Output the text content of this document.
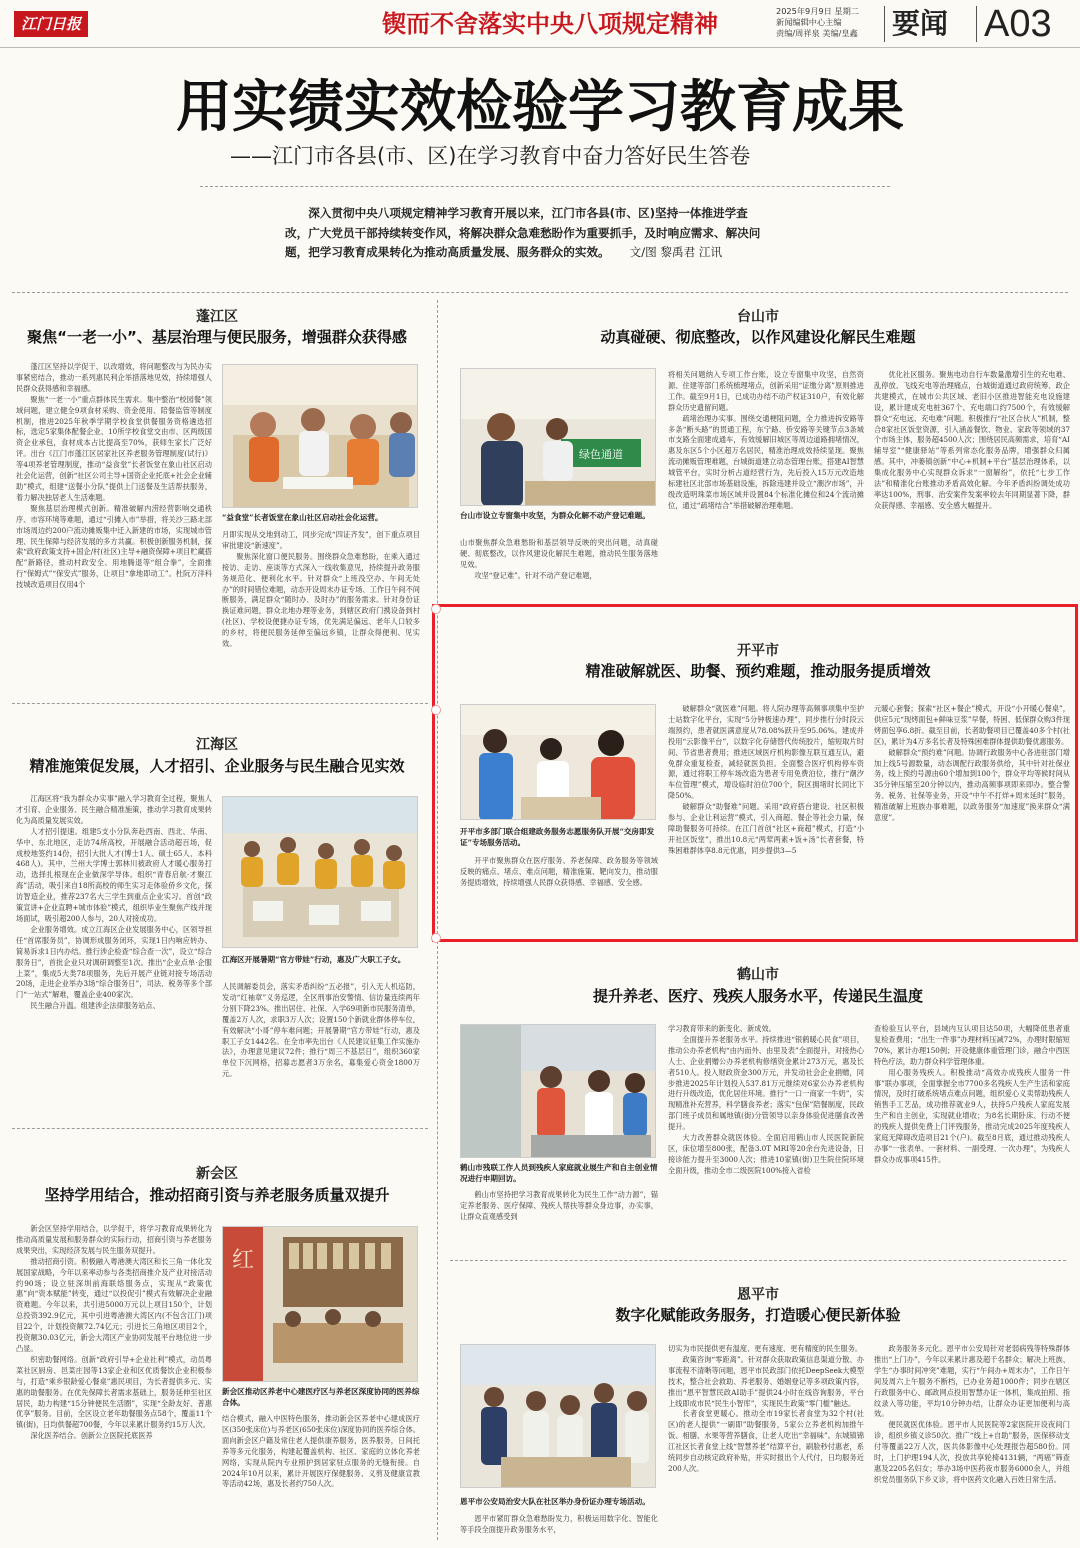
江门日报	锲而不舍落实中央八项规定精神	2025年9月9日 星期二
新闻编辑中心主编
责编/周祥泉 美编/皇鑫	要闻 A03
用实绩实效检验学习教育成果
——江门市各县(市、区)在学习教育中奋力答好民生答卷
深入贯彻中央八项规定精神学习教育开展以来，江门市各县(市、区)坚持一体推进学查
改，广大党员干部持续转变作风，将解决群众急难愁盼作为重要抓手，及时响应需求、解决问
题，把学习教育成果转化为推动高质量发展、服务群众的实效。 文/图 黎禹君 江讯
蓬江区
聚焦“一老一小”、基层治理与便民服务，增强群众获得感
蓬江区坚持以学促干、以改增效，将问题整改与为民办实事紧密结合，推动一系列惠民利企举措落地见效，持续增强人民群众获得感和幸福感。
聚焦“一老一小”重点群体民生需求。集中整治“校园餐”领域问题，建立健全9项食材采购、资金使用、陪餐监管等制度机制，推进2025年秋季学期学校食堂供餐服务资格遴选招标，选定5家集体配餐企业、10所学校食堂交由市、区两级国资企业承包，食材成本占比提高至70%，获师生家长广泛好评。出台《江门市蓬江区居家社区养老服务管理制度(试行)》等4项养老管理制度，推动“益食堂”长者饭堂在象山社区启动社会化运营，创新“社区公司主导+国资企业托底+社会企业辅助”模式，组建“送餐小分队”提供上门送餐及生活帮扶服务，着力解决独居老人生活难题。
聚焦基层治理模式创新。精准破解内涝经营影响交通秩序、市容环境等难题，通过“引摊入市”举措，将关沙三路北部市场周边约200户流动摊贩集中迁入新建的市场，实现城市管理、民生保障与经济发展的多方共赢。积极创新服务机制，探索“政府政策支持+国企/村(社区)主导+融资保障+项目贮藏搭配”新路径，推动村政安全、用地腾退等“组合拳”，全面推行“保姆式”“保安式”服务，让项目“拿地即动工”。杜阮万洋科技城改造项目仅用4个
“益食堂”长者饭堂在象山社区启动社会化运营。
月即实现从交地到动工，同步完成“四证齐发”，创下重点项目审批建设“新速度”。
聚焦深化窗口便民服务。围绕群众急难愁盼，在乘入通过接访、走访、座谈等方式深入一线收集意见，持续提升政务服务规范化、便利化水平。针对群众“上班没空办、午间无处办”的时间错位难题，动态开设周末办证专场、工作日午间不间断服务，满足群众“随时办、及时办”的服务需求。针对身份证换证难问题，群众北地办理等业务，到辖区政府门携设备到村(社区)、学校设便捷办证专场，优先满足偏远、老年人口较多的乡村，将便民服务延伸至偏远乡镇，让群众得便利、见实效。
江海区
精准施策促发展，人才招引、企业服务与民生融合见实效
江海区将“我为群众办实事”融入学习教育全过程，聚焦人才引育、企业服务、民生融合精准施策，推动学习教育成果转化为高质量发展实效。
人才招引提速。组建5支小分队奔赴西南、西北、华南、华中、东北地区，走访74所高校，开展融合活动超百场，促成校地签约14份，招引大批人才(博士1人、硕士65人、本科468人)。其中，兰州大学博士郭林川被政府人才暖心服务打动，选择扎根现在企业做深学导体。组织“青春启航·才聚江海”活动，吸引来自18所高校的师生实习走体验侨乡文化，探访智造企业，推荐237名大三学生到重点企业实习。首创“政策宣讲+企业直聘+城市体验”模式，组织毕业生聚焦产线并现场面试，吸引超200人参与，20人对接成功。
企业服务增效。成立江海区企业发展服务中心，区领导担任“首席服务员”，协调形成服务闭环，实现1日内响应转办、简易诉求1日内办结。推行涉企检查“综合查一次”，设立“综合服务日”，首批企业只对调研调整至1次。推出“企业点单·企服上菜”，集成5大类78项服务，先后开展产业链对接专场活动20场，走进企业举办3场“综合服务日”，司法、税务等多个部门“一站式”解难，覆盖企业400家次。
民生融合升温。组建涉企法律服务站点、
江海区开展暑期“官方带娃”行动，惠及广大职工子女。
人民调解委员会，落实矛盾纠纷“五必报”，引入无人机巡防，发动“红袖章”义务巡逻，全区刑事治安警情、信访量连续两年分别下降23%。推出居住、社保、入学69项新市民服务清单，覆盖2万人次，求职3万人次；设置150个新就业群体停车位，有效解决“小哥”停车难问题；开展暑期“官方带娃”行动，惠及职工子女1442名。在全市率先出台《人民建议征集工作实施办法》，办理意见建议72件；推行“周三不基层日”，组织360家单位下沉网格，招募志愿者3万余名，募集爱心资金1800万元。
新会区
坚持学用结合，推动招商引资与养老服务质量双提升
新会区坚持学用结合，以学促干，将学习教育成果转化为推动高质量发展和服务群众的实际行动，招商引资与养老服务成果突出，实现经济发展与民生服务双提升。
推动招商引资。积极融入粤港澳大湾区和长三角一体化发展国家战略，今年以来率动参与各类招商推介及产业对接活动约90场；设立驻深圳前海联络服务点，实现从“政策优惠”向“资本赋能”转变，通过“以投促引”模式有效解决企业融资难题。今年以来，共引进5000万元以上项目150个，计划总投资392.9亿元，其中引进粤港澳大湾区内(不包含江门)项目22个，计划投资额72.74亿元；引进长三角地区项目2个，投资额30.03亿元，新会大湾区产业协同发展平台地位进一步凸显。
织密助餐网络。创新“政府引导+企业社利”模式，动员粤菜社区厨房、邑菜庄园等13家企业和区优质餐饮企业积极参与，打造“乘乡银龄爱心餐桌”惠民项目，为长者提供多元、实惠的助餐服务。在优先保障长者需求基础上，服务延伸至社区居民，助力构建“15分钟便民生活圈”，实现“全龄友好、普惠优享”服务。目前，全区设立老年助餐服务点58个，覆盖11个镇(街)，日均供餐超700餐，今年以来累计服务约15万人次。
深化医养结合。创新公立医院托底医养
红
新会区推动区养老中心建医疗区与养老区深度协同的医养综合体。
结合模式，融入中医特色服务，推动新会区养老中心建成医疗区(350张床位)与养老区(650张床位)深度协同的医养综合体。面向新会区户籍及常住老人提供康养服务，医养服务，日间托养等多元化服务，构建起覆盖机构、社区、家庭的立体化养老网络，实现从院内专业照护到居家驻点服务的无缝衔接。自2024年10月以来，累计开展医疗保健服务、义剪及健康宣教等活动42场，惠及长者约750人次。
台山市
动真碰硬、彻底整改，以作风建设化解民生难题
绿色通道
台山市设立专窗集中攻坚，为群众化解不动产登记难题。
山市聚焦群众急难愁盼和基层领导反映的突出问题，动真碰硬、彻底整改，以作风建设化解民生难题，推动民生服务落地见效。
攻坚“登记难”。针对不动产登记难题，
将相关问题纳入专项工作台账，设立专窗集中攻坚，自然资源、住建等部门系统梳理堵点，创新采用“证缴分离”原则推进工作。截至9月1日，已成功办结不动产权证310户，有效化解群众历史遗留问题。
疏堵治理办实事。围绕交通梗阻问题，全力推进拆安路等多条“断头路”的贯通工程，东宁路、侨安路等关键节点3条城市支路全面建成通车，有效缓解旧城区等周边道路拥堵情况，惠及东区5个小区超万名居民，精准治理成效持续显现。聚焦流动摊贩管理难题，台城街道建立动态管理台账，搭建AI智慧城管平台，实时分析占道经营行为，先后投入15万元改造地标建社区北部市场基础设施，拆除违建并设立“潮汐市场”，升级改造明珠菜市场区域并设置84个标准化摊位和24个流动摊位，通过“疏堵结合”举措破解治理难题。
优化社区服务。聚焦电动自行车数量激增引生的充电难、乱停放、飞线充电等治理痛点，台城街道通过政府统筹、政企共建模式，在城市公共区域、老旧小区推进智能充电设施建设，累计建成充电桩367个、充电端口约7500个，有效缓解群众“充电远、充电难”问题。积极推行“社区合伙人”机制，整合8家社区饭堂资源，引入涵盖餐饮、物业、家政等领域的37个市场主体，服务超4500人次；围绕居民高频需求，培育“AI辅导室”“健康驿站”等系列常态化服务品牌，增强群众归属感。其中，冲蒌镇创新“中心+机制+平台”基层治理体系，以集成化服务中心实现群众诉求“一窗解纷”，依托“七步工作法”和精准化台账推动矛盾高效化解。今年矛盾纠纷调处成功率达100%，刑事、治安案件发案率较去年同期显著下降，群众获得感、幸福感、安全感大幅提升。
开平市
精准破解就医、助餐、预约难题，推动服务提质增效
开平市多部门联合组建政务服务志愿服务队开展“交房即发证”专场服务活动。
开平市聚焦群众在医疗服务、养老保障、政务服务等领域反映的痛点、堵点、难点问题，精准施策、靶向发力，推动服务提质增效，持续增强人民群众获得感、幸福感、安全感。
破解群众“就医难”问题。将人院办理等高频事项集中至护士站数字化平台，实现“5分钟极速办理”，同步推行分时段云端预约，患者就医满意度从78.08%跃升至95.06%。建成并投用“云影像平台”，以数字化存储替代传统胶片，缩短取片时间、节省患者费用；推进区域医疗机构影像互联互通互认，避免群众重复检查，减轻就医负担。全面整合医疗机构停车资源，通过将职工停车场改造为患者专用免费泊位，推行“潮汐车位管理”模式，增设临时泊位700个，院区拥堵时长同比下降50%。
破解群众“助餐难”问题。采用“政府搭台建设、社区积极参与、企业让利运营”模式，引入商超、餐企等社会力量，保障助餐服务可持续。在江门首创“社区+商超”模式，打造“小开社区饭堂”，推出10.8元“两荤两素+饭+汤”长者套餐，特殊困难群体享8.8元优惠，同步提供3—5
元暖心套餐；探索“社区+餐企”模式，开设“小开暖心餐桌”，供应5元“现烤面包+鲜味豆浆”早餐，特困、低保群众购3件现烤面包享6.8折。截至目前，长者助餐项目已覆盖40多个村(社区)，累计为4万多名长者及特殊困难群体提供助餐优惠服务。
破解群众“预约难”问题。协调行政服务中心各进驻部门增加上线5号源数量，动态调配行政服务供给，其中针对社保业务，线上预约号源由60个增加到100个，群众平均等候时间从35分钟压缩至20分钟以内，推动高频事项即来即办。整合警务、税务、社保等业务，开设“中午不打烊+周末延时”服务，精准破解上班族办事难题，以政务服务“加速度”换来群众“满意度”。
鹤山市
提升养老、医疗、残疾人服务水平，传递民生温度
鹤山市残联工作人员到残疾人家庭就业展生产和自主创业情况进行申期回访。
鹤山市坚持把学习教育成果转化为民生工作“动力源”，锚定养老服务、医疗保障、残疾人帮扶等群众身边事，办实事，让群众直观感受到
学习教育带来的新变化、新成效。
全面提升养老服务水平。持续推进“银鹤暖心民食”项目，推动公办养老机构“由内而外、由里及表”全面提升，对接热心人士、企业捐赠公办养老机构修缮资金累计273万元，惠及长者510人。投入财政资金300万元，并发动社会企业捐赠，同步推进2025年计划投入537.81万元继续对6家公办养老机构进行升级改造，优化居住环境。推行“一口一商家一牛奶”，实现精准补充营养，科学膳食养老；落实“包保”陪餐制度，民政部门班子成员和属地镇(街)分管领导以亲身体验促进膳食改善提升。
大力改善群众就医体验。全面启用鹤山市人民医院新院区，床位增至800张，配备3.0T MRI等20余台先进设备，日接诊能力提升至3000人次；推进10家镇(街)卫生院住院环境全面升级，推动全市二级医院100%接入省检
查检验互认平台，县域内互认项目达50项，大幅降低患者重复检查费用；“出生一件事”办理材料压减72%，办理时限缩短70%，累计办理150例；开设健康体重管理门诊，融合中西医特色疗法，助力群众科学管理体重。
用心服务残疾人。积极推动“高效办成残疾人服务一件事”联办事项，全面掌握全市7700多名残疾人生产生活和家庭情况，及时打破系统堵点难点问题，组织爱心义卖帮助残疾人销售手工艺品，成功推荐就业9人，扶持5户残疾人家庭发展生产和自主创业，实现就业增收；为8名长期卧床、行动不便的残疾人提供免费上门评残服务，推动完成2025年度残疾人家庭无障碍改造项目21个(户)。截至8月底，通过推动残疾人办事“一张表单、一套材料、一副受理、一次办理”，为残疾人群众办成事项415件。
恩平市
数字化赋能政务服务，打造暖心便民新体验
恩平市公安局治安大队在社区举办身份证办理专场活动。
恩平市紧盯群众急难愁盼发力，积极运用数字化、智能化等手段全面提升政务服务水平，
切实为市民提供更有温度、更有速度、更有精度的民生服务。
政策咨询“零距离”。针对群众获取政策信息渠道分散、办事流程不清晰等问题，恩平市民政部门依托DeepSeek大模型技术，整合社会救助、养老服务、婚姻登记等多项政策内容，推出“恩平智慧民政AI助手”提供24小时在线咨询服务，平台上线即成市民“民生小智库”，实现民生政策“零门槛”触达。
长者食堂更暖心。推动全市19家长者食堂为32个村(社区)的老人提供“一刷即”助餐服务，5家公立养老机构加推午饭、相膳、水果等营养膳食，让老人吃出“幸福味”。东城镇锦江社区长者食堂上线“智慧养老”结算平台，刷脸秒付惠老，系统同步自动核定政府补贴，并实时报出个人代付，日均服务近200人次。
政务服务多元化。恩平市公安局针对老弱病残等特殊群体推出“上门办”，今年以来累计惠及超千名群众；解决上班族、学生“办事时间冲突”难题，实行“午间办+周末办”，工作日午间及周六上午服务不断档，已办业务超1000件；同步在辖区行政服务中心、邮政网点投用智慧办证一体机，集成拍照、指纹录入等功能，平均10分钟办结，让群众办证更加便利与高效。
便民就医优体验。恩平市人民医院等2家医院开设夜间门诊，组织乡镇义诊50次。推广“线上+自助”服务，医保移动支付等覆盖22万人次，医共体影像中心处理报告超580份。同时，上门护理194人次，投放共享轮椅4131辆，“两癌”筛查惠及2205名妇女；举办3场中医药夜市服务6000余人，并组织党员服务队下乡义诊，将中医药文化融入百姓日常生活。
